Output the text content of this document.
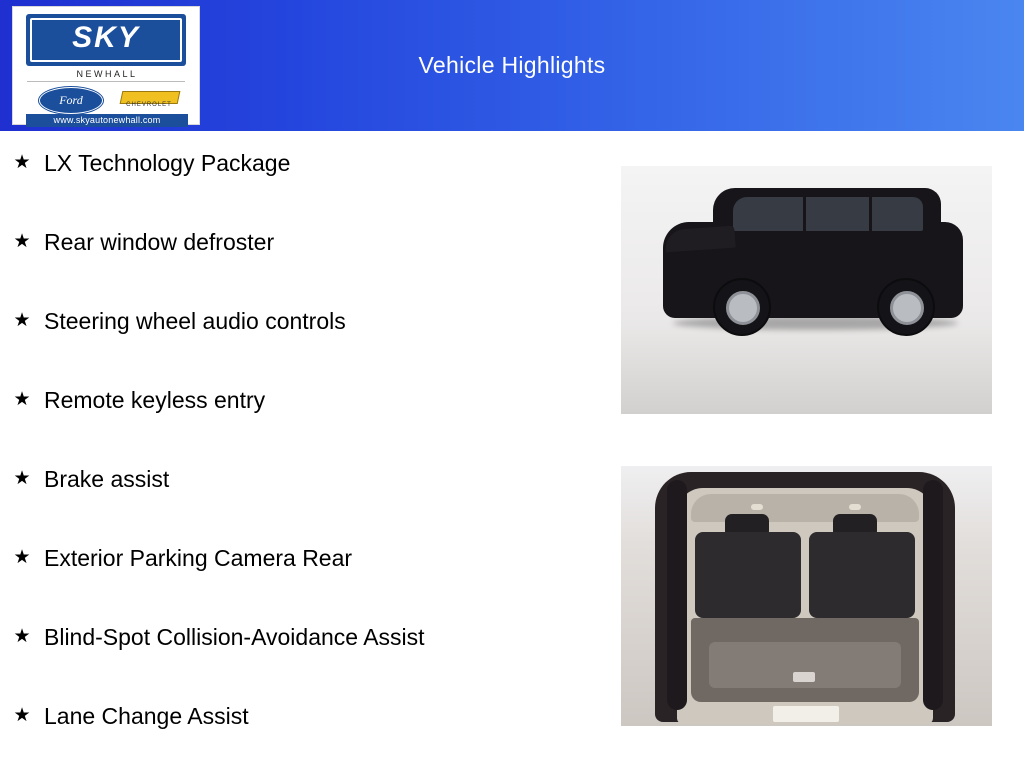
Vehicle Highlights
SKY
NEWHALL
Ford	CHEVROLET
www.skyautonewhall.com
★ LX Technology Package
★ Rear window defroster
★ Steering wheel audio controls
★ Remote keyless entry
★ Brake assist
★ Exterior Parking Camera Rear
★ Blind-Spot Collision-Avoidance Assist
★ Lane Change Assist
